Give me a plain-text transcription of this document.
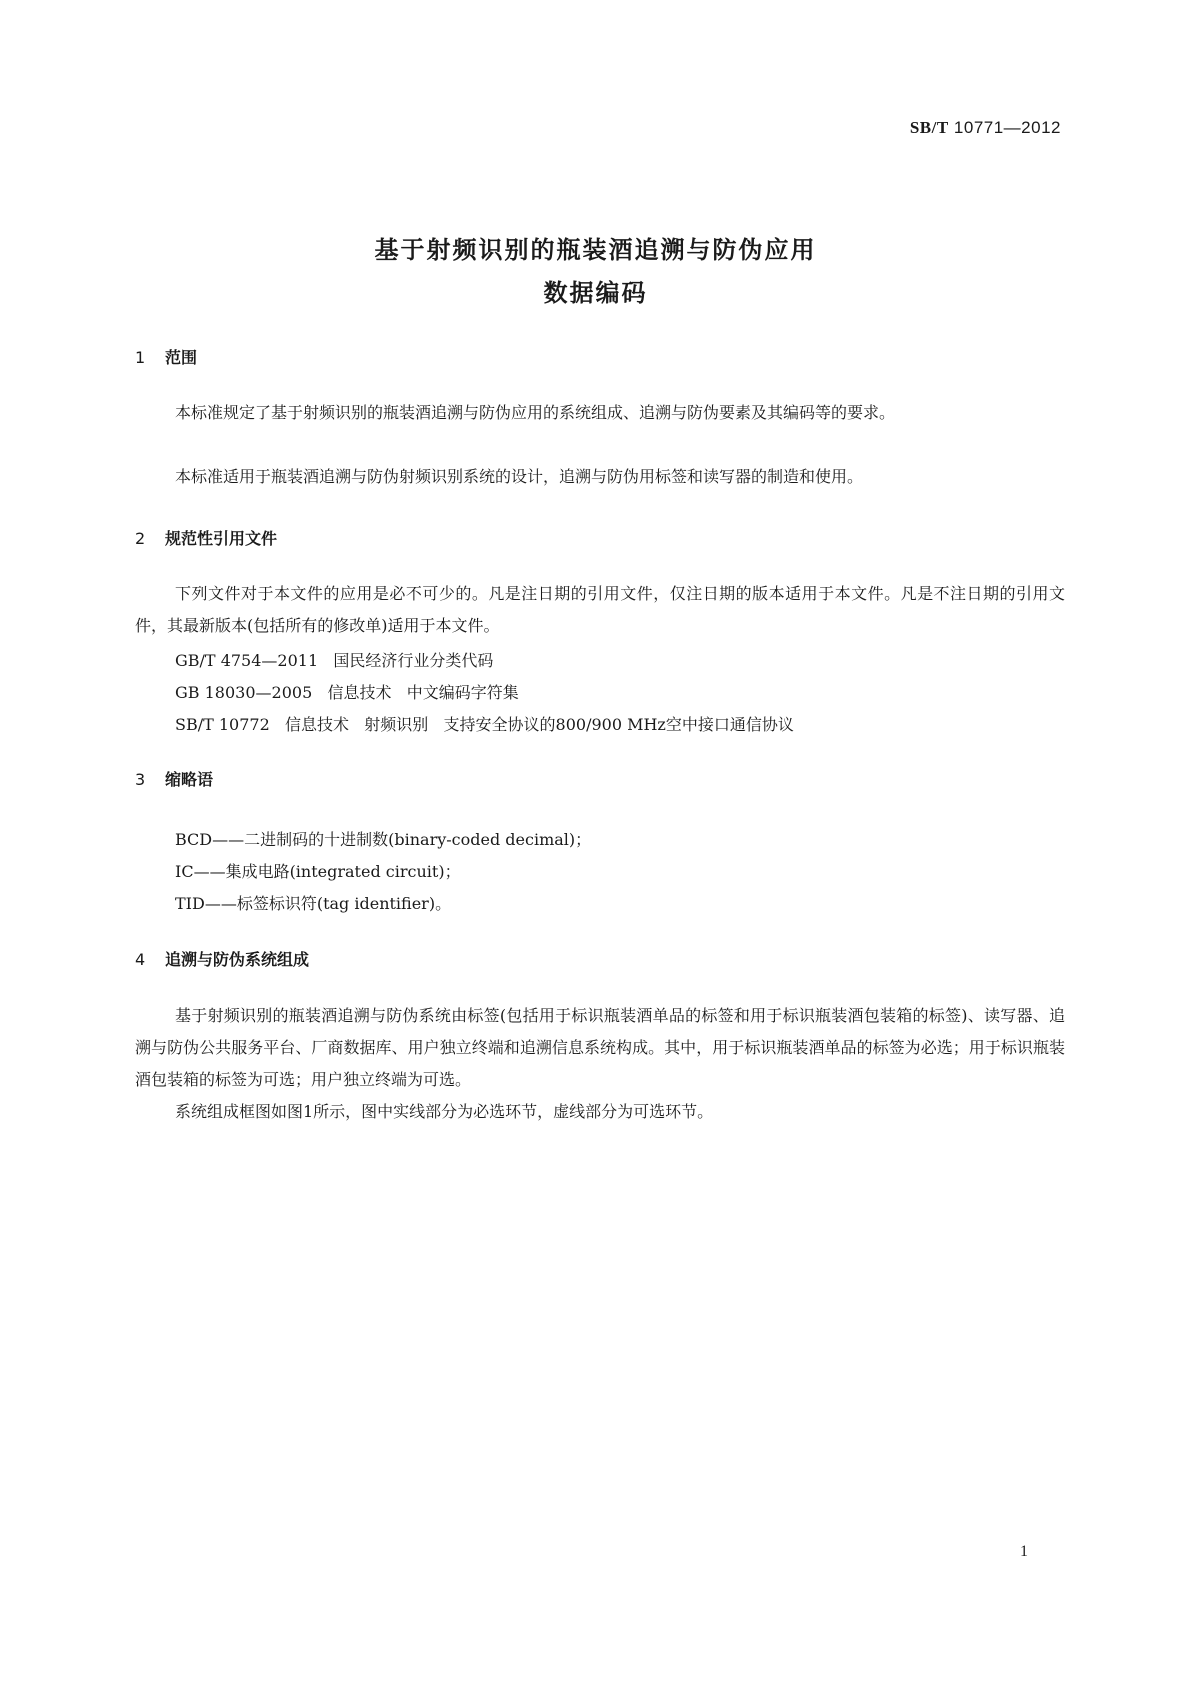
SB/T 10771—2012
基于射频识别的瓶装酒追溯与防伪应用
数据编码
1 范围
本标准规定了基于射频识别的瓶装酒追溯与防伪应用的系统组成、追溯与防伪要素及其编码等的要求。
本标准适用于瓶装酒追溯与防伪射频识别系统的设计，追溯与防伪用标签和读写器的制造和使用。
2 规范性引用文件
下列文件对于本文件的应用是必不可少的。凡是注日期的引用文件，仅注日期的版本适用于本文件。凡是不注日期的引用文件，其最新版本(包括所有的修改单)适用于本文件。
GB/T 4754—2011   国民经济行业分类代码
GB 18030—2005   信息技术   中文编码字符集
SB/T 10772   信息技术   射频识别   支持安全协议的800/900 MHz空中接口通信协议
3 缩略语
BCD——二进制码的十进制数(binary-coded decimal)；
IC——集成电路(integrated circuit)；
TID——标签标识符(tag identifier)。
4 追溯与防伪系统组成
基于射频识别的瓶装酒追溯与防伪系统由标签(包括用于标识瓶装酒单品的标签和用于标识瓶装酒包装箱的标签)、读写器、追溯与防伪公共服务平台、厂商数据库、用户独立终端和追溯信息系统构成。其中，用于标识瓶装酒单品的标签为必选；用于标识瓶装酒包装箱的标签为可选；用户独立终端为可选。
系统组成框图如图1所示，图中实线部分为必选环节，虚线部分为可选环节。
1
